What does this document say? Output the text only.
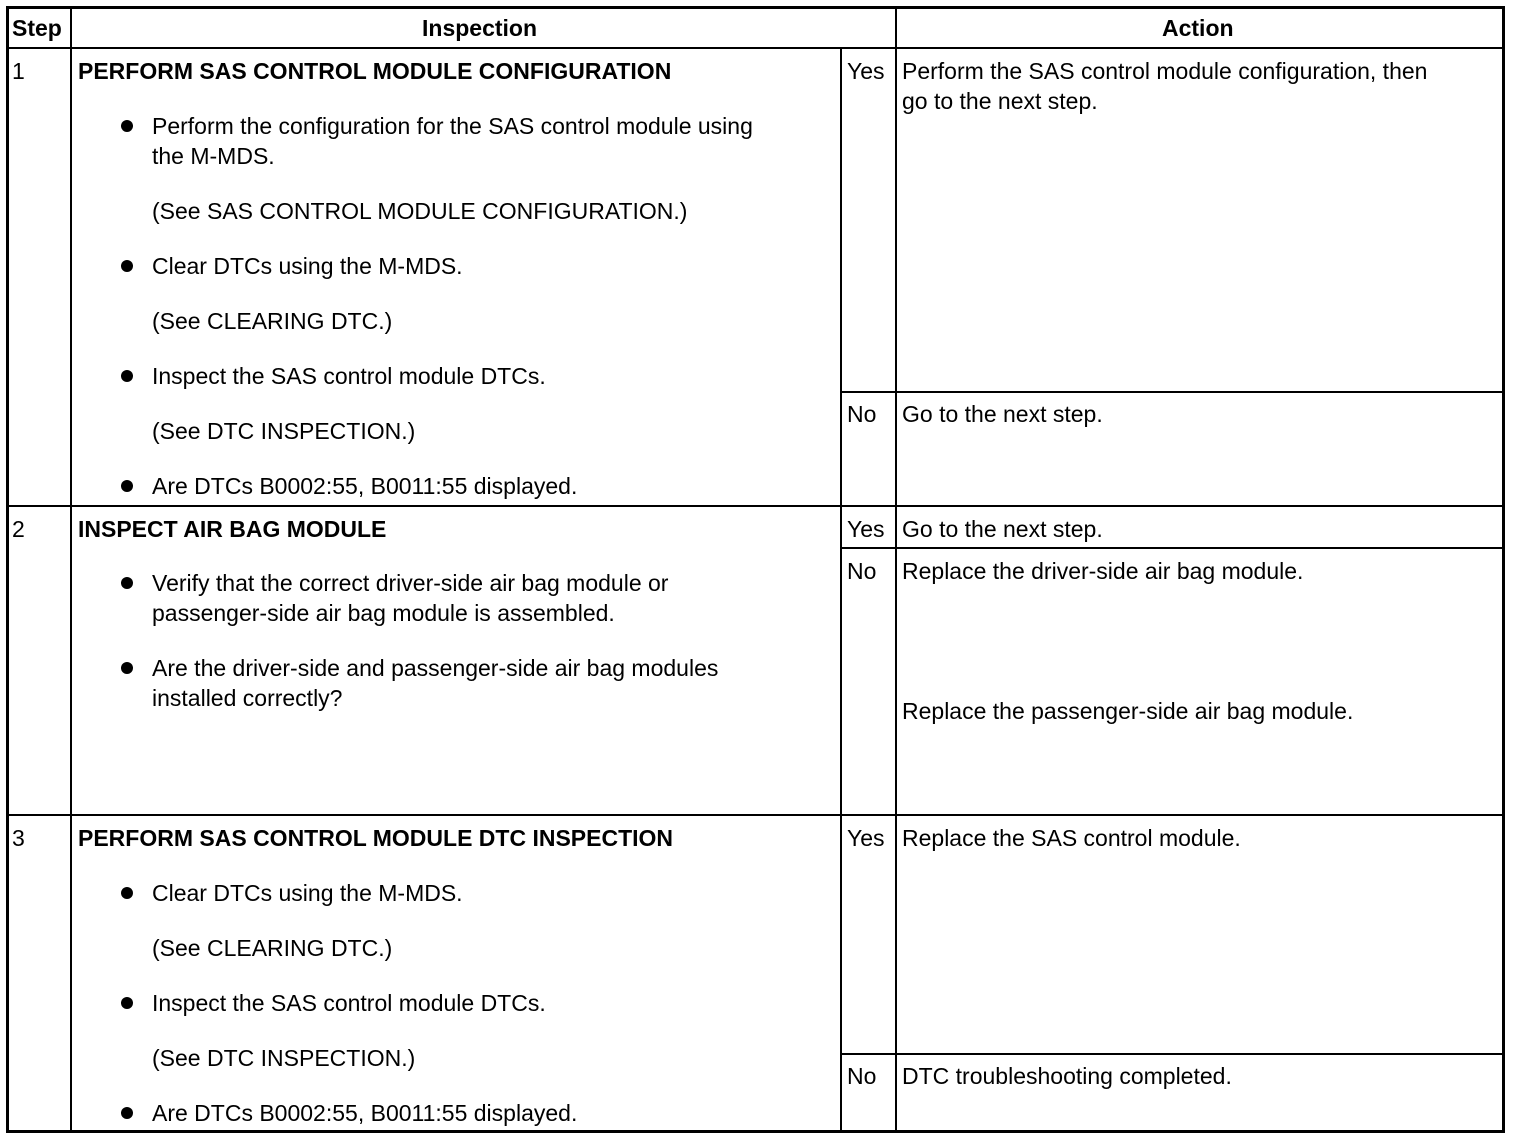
Step	Inspection	Action
1 PERFORM SAS CONTROL MODULE CONFIGURATION
Perform the configuration for the SAS control module using
the M-MDS.
(See SAS CONTROL MODULE CONFIGURATION.)
Clear DTCs using the M-MDS.
(See CLEARING DTC.)
Inspect the SAS control module DTCs.
(See DTC INSPECTION.)
Are DTCs B0002:55, B0011:55 displayed.
Yes Perform the SAS control module configuration, then
go to the next step.
No Go to the next step.
2 INSPECT AIR BAG MODULE
Verify that the correct driver-side air bag module or
passenger-side air bag module is assembled.
Are the driver-side and passenger-side air bag modules
installed correctly?
Yes Go to the next step.
No Replace the driver-side air bag module.
Replace the passenger-side air bag module.
3 PERFORM SAS CONTROL MODULE DTC INSPECTION
Clear DTCs using the M-MDS.
(See CLEARING DTC.)
Inspect the SAS control module DTCs.
(See DTC INSPECTION.)
Are DTCs B0002:55, B0011:55 displayed.
Yes Replace the SAS control module.
No DTC troubleshooting completed.
